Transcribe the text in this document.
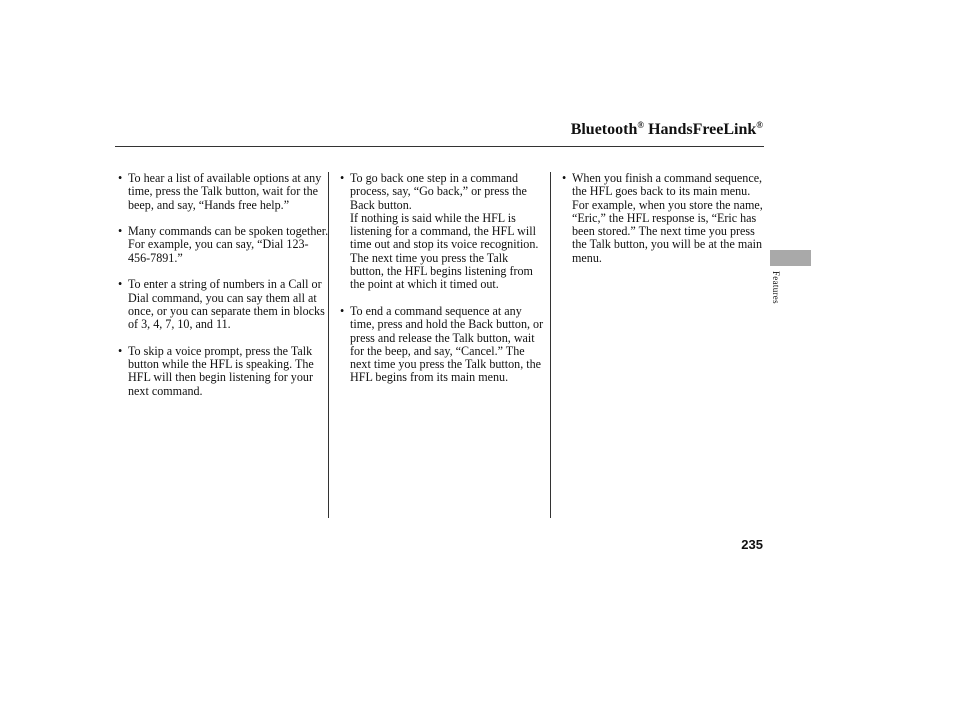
Bluetooth® HandsFreeLink®
• To hear a list of available options at any time, press the Talk button, wait for the beep, and say, “Hands free help.”
• Many commands can be spoken together. For example, you can say, “Dial 123-456-7891.”
• To enter a string of numbers in a Call or Dial command, you can say them all at once, or you can separate them in blocks of 3, 4, 7, 10, and 11.
• To skip a voice prompt, press the Talk button while the HFL is speaking. The HFL will then begin listening for your next command.
• To go back one step in a command process, say, “Go back,” or press the Back button.
If nothing is said while the HFL is listening for a command, the HFL will time out and stop its voice recognition. The next time you press the Talk button, the HFL begins listening from the point at which it timed out.
• To end a command sequence at any time, press and hold the Back button, or press and release the Talk button, wait for the beep, and say, “Cancel.” The next time you press the Talk button, the HFL begins from its main menu.
• When you finish a command sequence, the HFL goes back to its main menu. For example, when you store the name, “Eric,” the HFL response is, “Eric has been stored.” The next time you press the Talk button, you will be at the main menu.
Features
235
